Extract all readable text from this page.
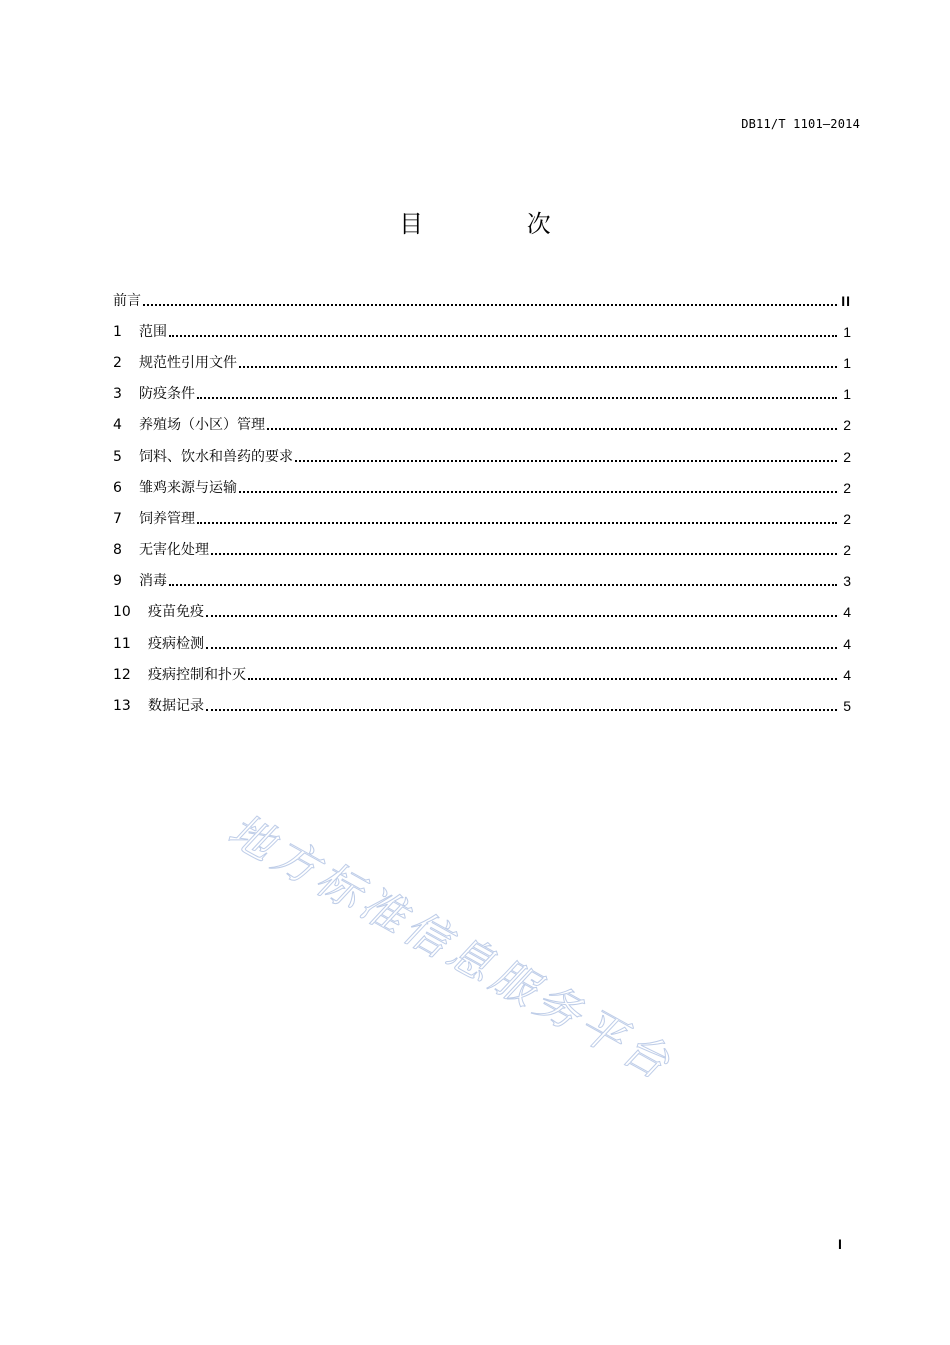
DB11/T 1101—2014
目 次
前言	II
1	范围	1
2	规范性引用文件	1
3	防疫条件	1
4	养殖场（小区）管理	2
5	饲料、饮水和兽药的要求	2
6	雏鸡来源与运输	2
7	饲养管理	2
8	无害化处理	2
9	消毒	3
10	疫苗免疫	4
11	疫病检测	4
12	疫病控制和扑灭	4
13	数据记录	5
地方标准信息服务平台
I
